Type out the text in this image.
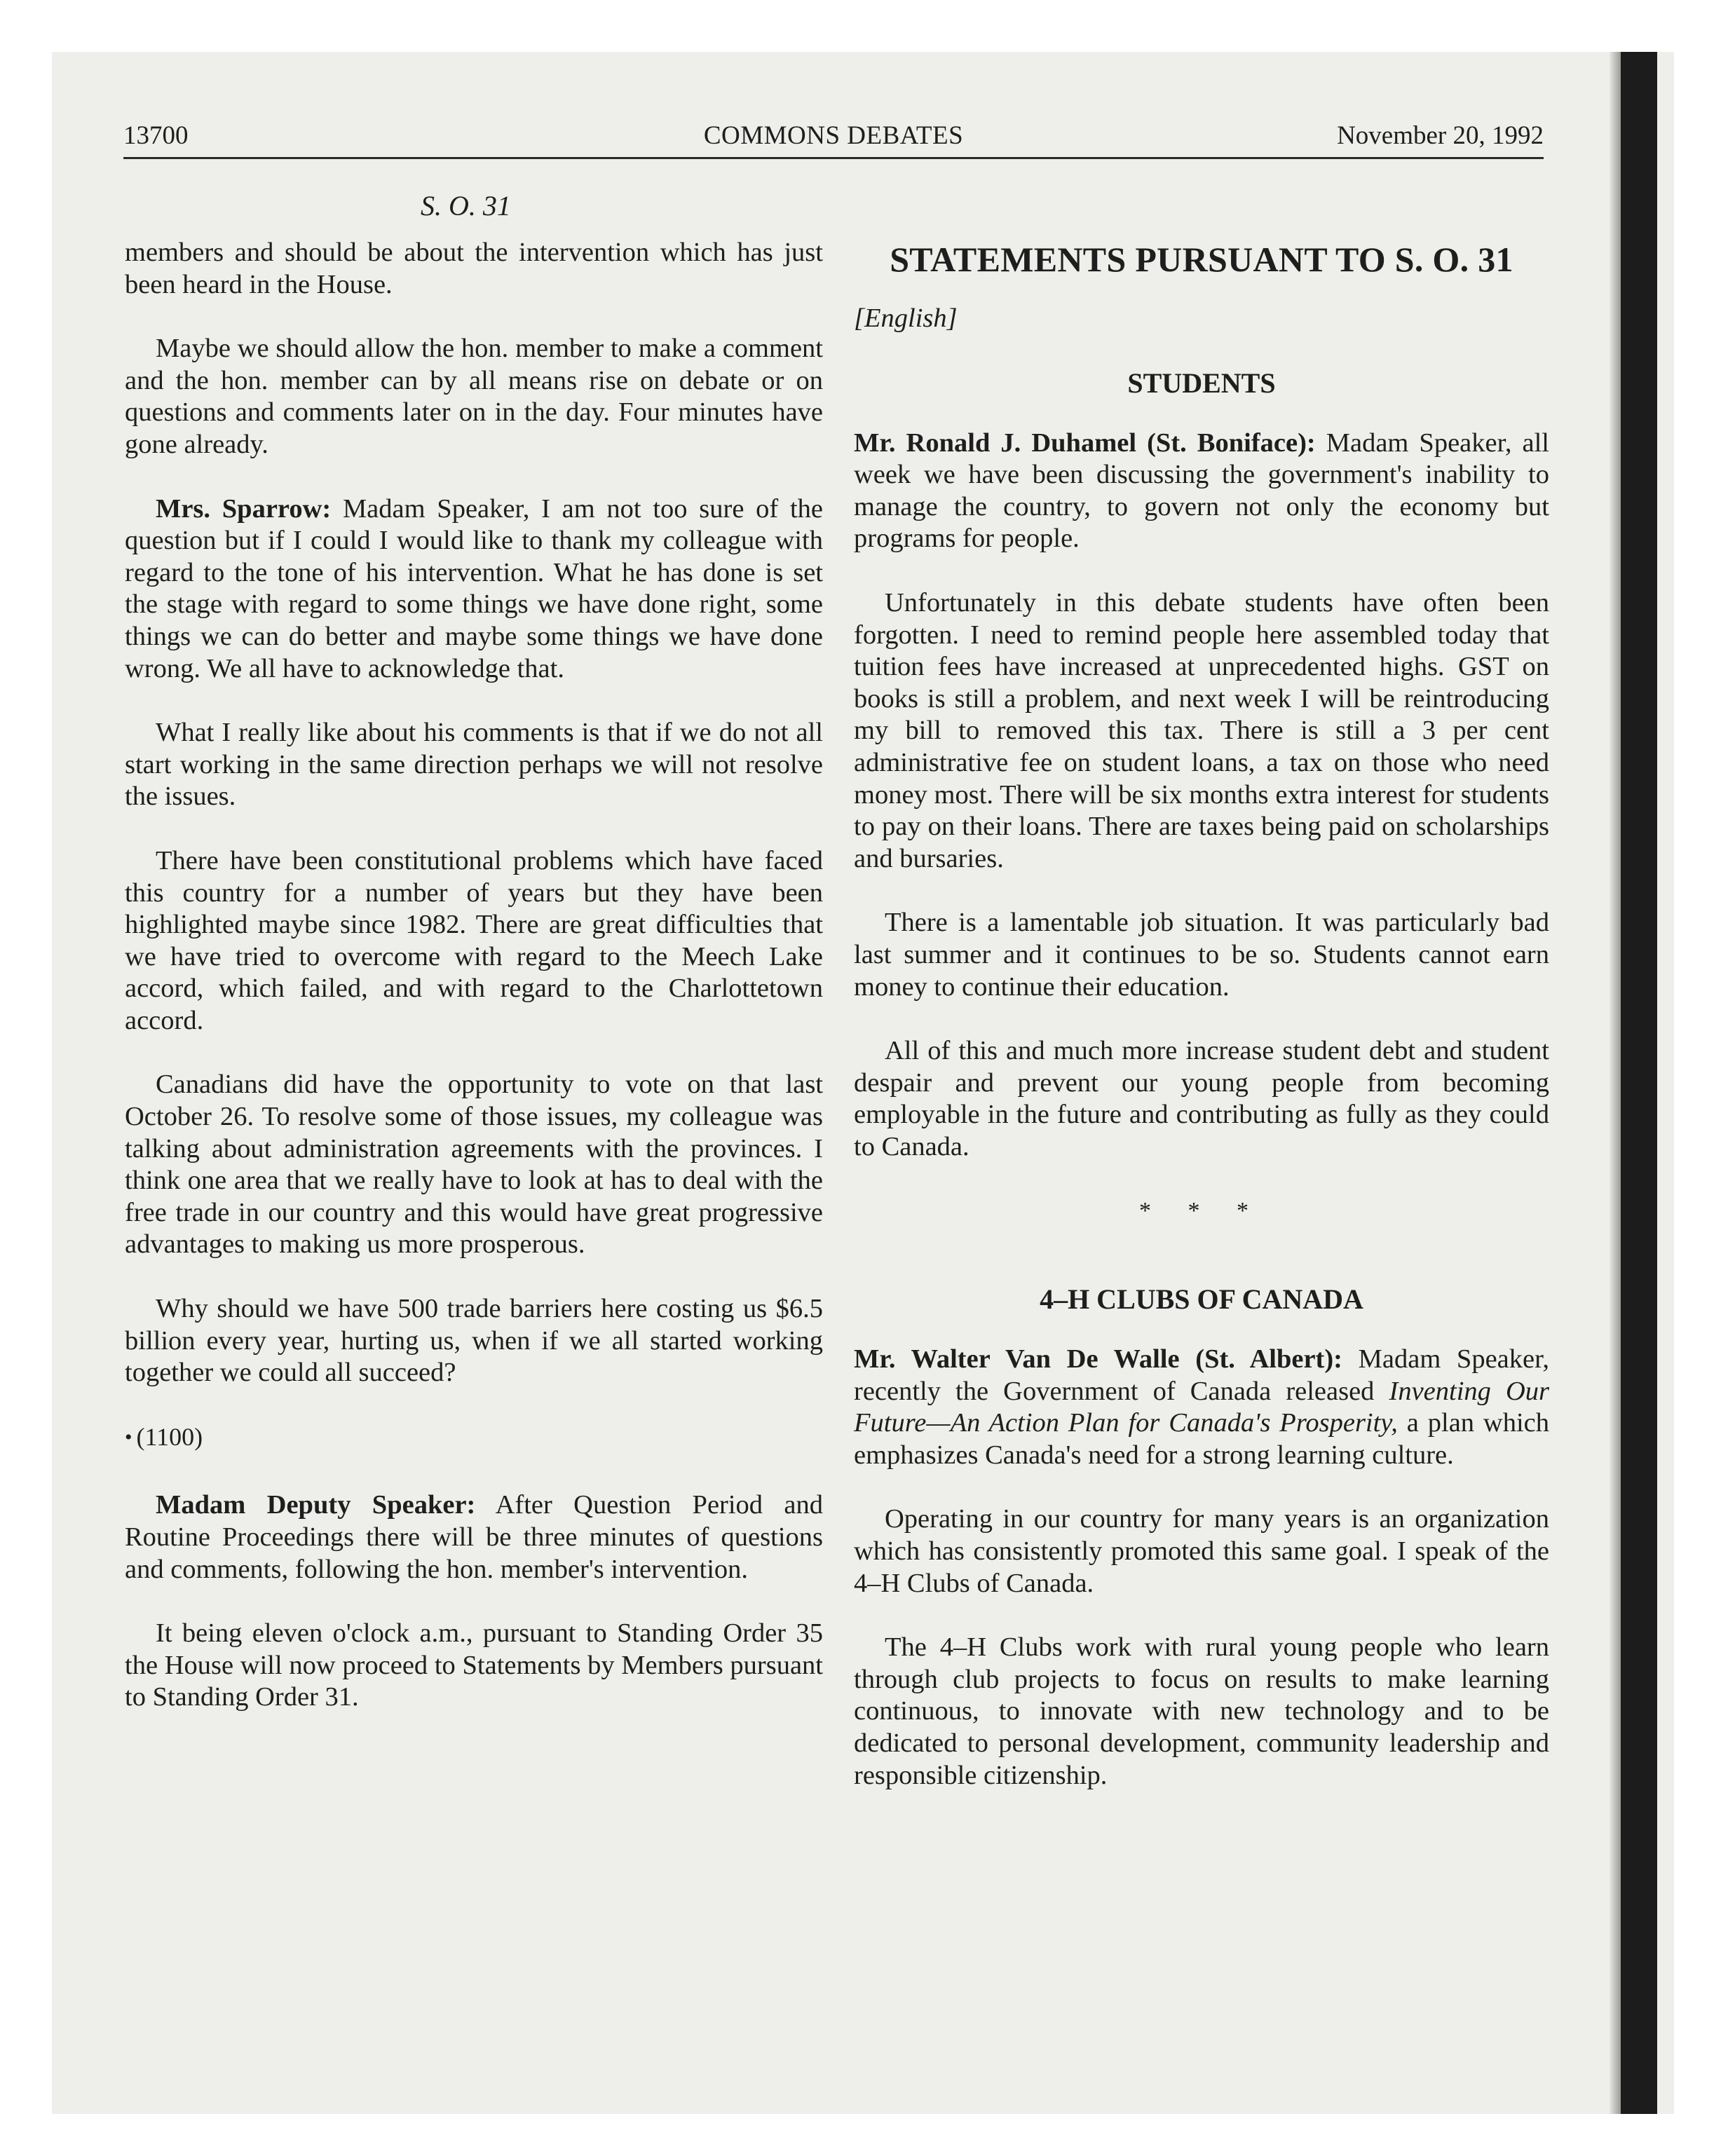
13700	COMMONS DEBATES	November 20, 1992
S. O. 31

members and should be about the intervention which has just been heard in the House.

Maybe we should allow the hon. member to make a comment and the hon. member can by all means rise on debate or on questions and comments later on in the day. Four minutes have gone already.

Mrs. Sparrow: Madam Speaker, I am not too sure of the question but if I could I would like to thank my colleague with regard to the tone of his intervention. What he has done is set the stage with regard to some things we have done right, some things we can do better and maybe some things we have done wrong. We all have to acknowledge that.

What I really like about his comments is that if we do not all start working in the same direction perhaps we will not resolve the issues.

There have been constitutional problems which have faced this country for a number of years but they have been highlighted maybe since 1982. There are great difficulties that we have tried to overcome with regard to the Meech Lake accord, which failed, and with regard to the Charlottetown accord.

Canadians did have the opportunity to vote on that last October 26. To resolve some of those issues, my colleague was talking about administration agreements with the provinces. I think one area that we really have to look at has to deal with the free trade in our country and this would have great progressive advantages to making us more prosperous.

Why should we have 500 trade barriers here costing us $6.5 billion every year, hurting us, when if we all started working together we could all succeed?

• (1100)

Madam Deputy Speaker: After Question Period and Routine Proceedings there will be three minutes of questions and comments, following the hon. member's intervention.

It being eleven o'clock a.m., pursuant to Standing Order 35 the House will now proceed to Statements by Members pursuant to Standing Order 31.

STATEMENTS PURSUANT TO S. O. 31

[English]

STUDENTS

Mr. Ronald J. Duhamel (St. Boniface): Madam Speaker, all week we have been discussing the government's inability to manage the country, to govern not only the economy but programs for people.

Unfortunately in this debate students have often been forgotten. I need to remind people here assembled today that tuition fees have increased at unprecedented highs. GST on books is still a problem, and next week I will be reintroducing my bill to removed this tax. There is still a 3 per cent administrative fee on student loans, a tax on those who need money most. There will be six months extra interest for students to pay on their loans. There are taxes being paid on scholarships and bursaries.

There is a lamentable job situation. It was particularly bad last summer and it continues to be so. Students cannot earn money to continue their education.

All of this and much more increase student debt and student despair and prevent our young people from becoming employable in the future and contributing as fully as they could to Canada.

* * *
4–H CLUBS OF CANADA

Mr. Walter Van De Walle (St. Albert): Madam Speaker, recently the Government of Canada released Inventing Our Future—An Action Plan for Canada's Prosperity, a plan which emphasizes Canada's need for a strong learning culture.

Operating in our country for many years is an organization which has consistently promoted this same goal. I speak of the 4–H Clubs of Canada.

The 4–H Clubs work with rural young people who learn through club projects to focus on results to make learning continuous, to innovate with new technology and to be dedicated to personal development, community leadership and responsible citizenship.
